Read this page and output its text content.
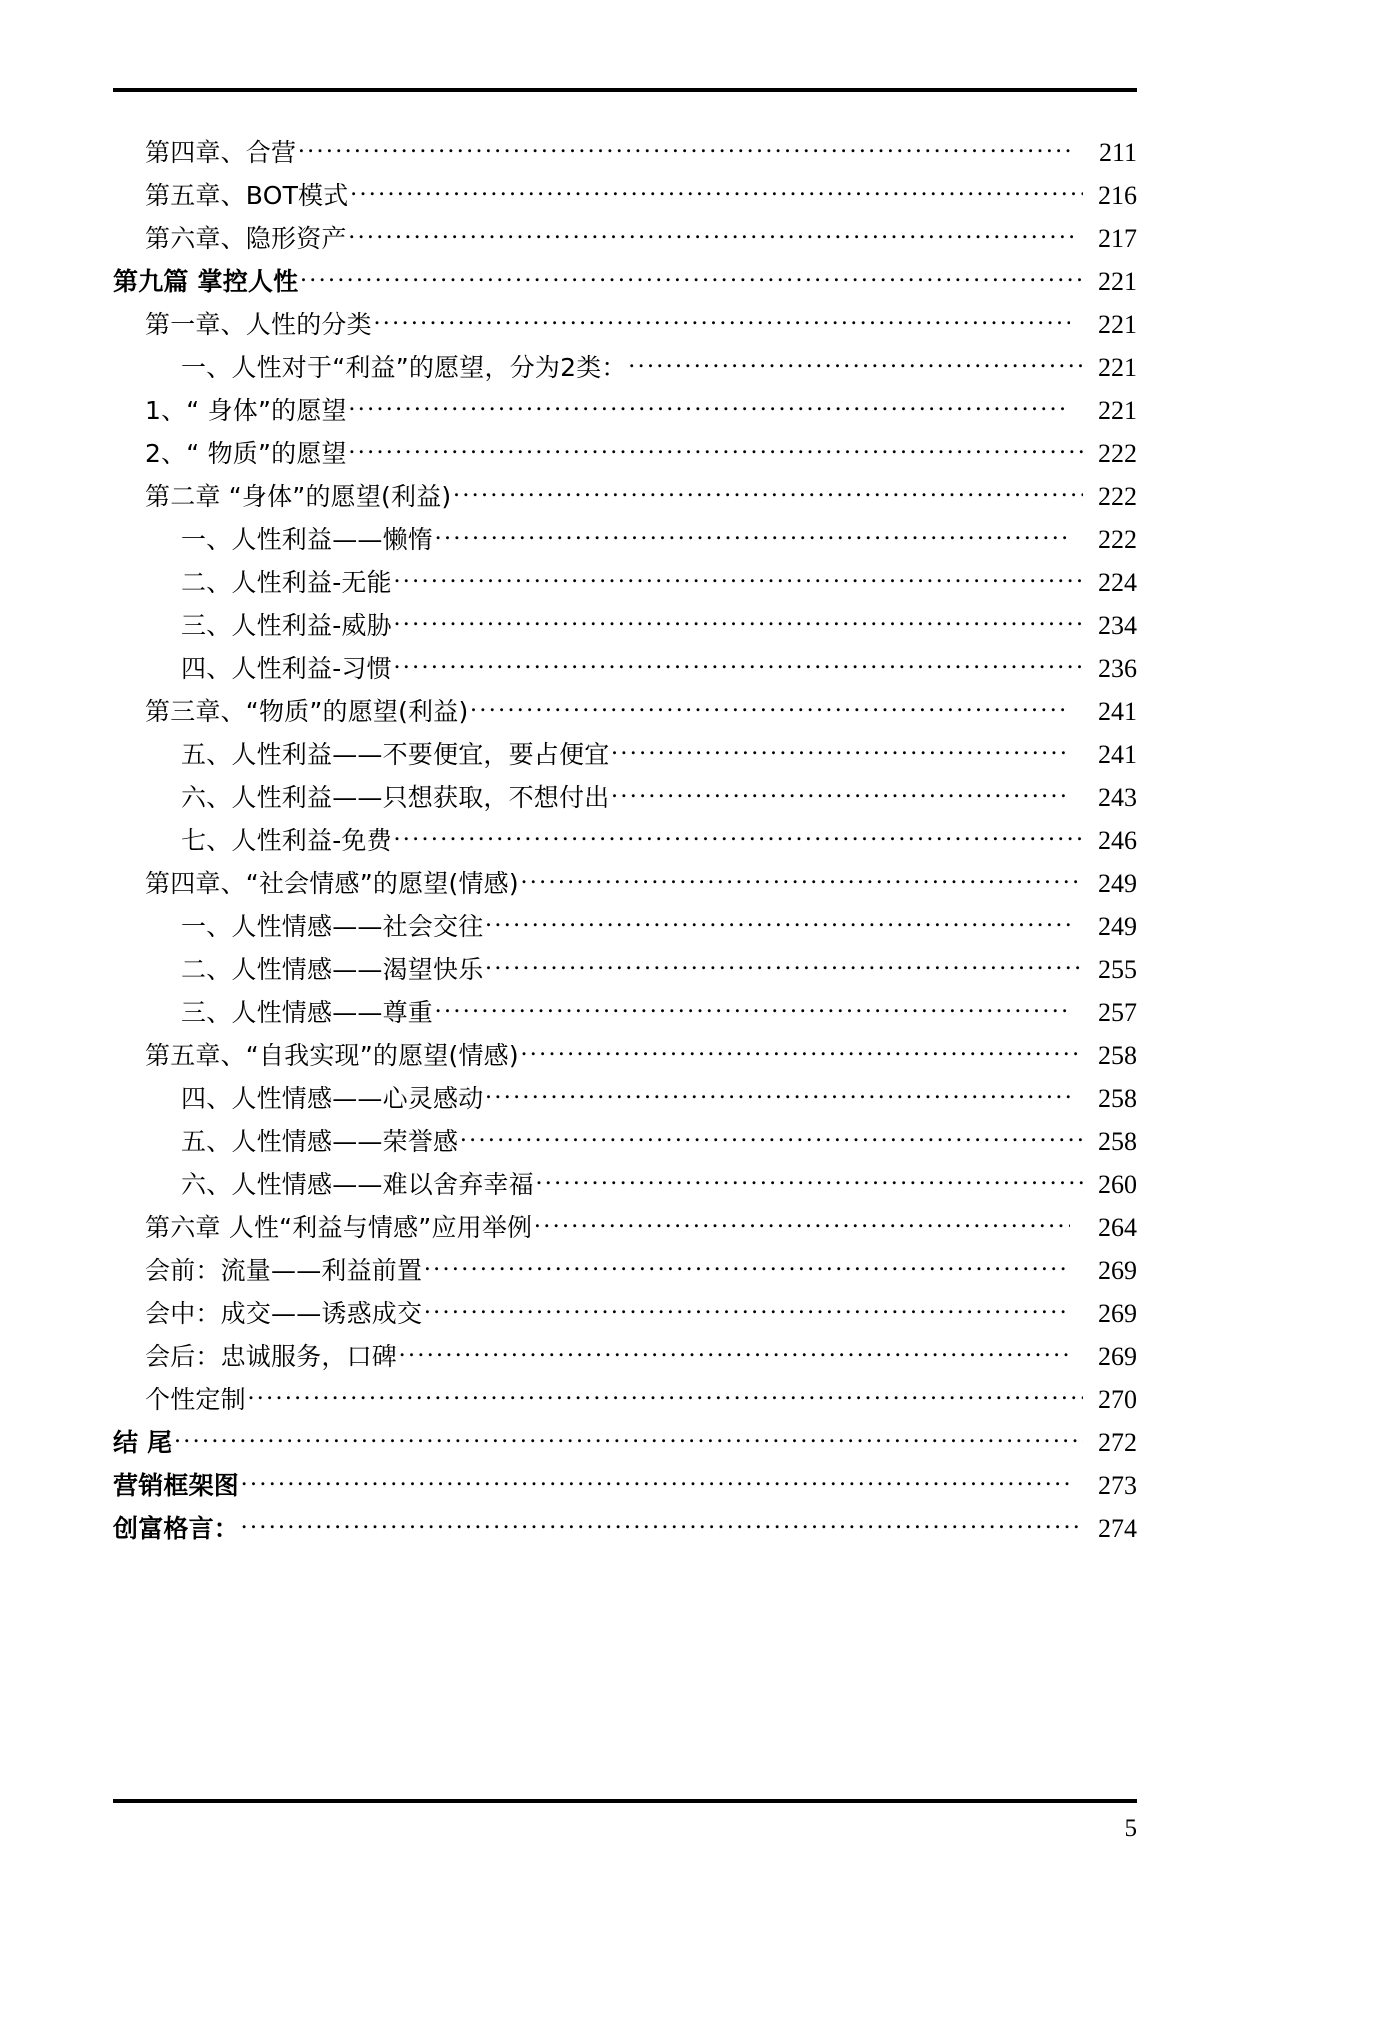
第四章、合营 .....	211
第五章、BOT模式 .....	216
第六章、隐形资产 .....	217
第九篇 掌控人性 .....	221
第一章、人性的分类 .....	221
一、人性对于“利益”的愿望，分为2类： .....	221
1、“ 身体”的愿望 .....	221
2、“ 物质”的愿望 .....	222
第二章 “身体”的愿望(利益) .....	222
一、人性利益——懒惰 .....	222
二、人性利益-无能 .....	224
三、人性利益-威胁 .....	234
四、人性利益-习惯 .....	236
第三章、“物质”的愿望(利益) .....	241
五、人性利益——不要便宜，要占便宜 .....	241
六、人性利益——只想获取，不想付出 .....	243
七、人性利益-免费 .....	246
第四章、“社会情感”的愿望(情感) .....	249
一、人性情感——社会交往 .....	249
二、人性情感——渴望快乐 .....	255
三、人性情感——尊重 .....	257
第五章、“自我实现”的愿望(情感) .....	258
四、人性情感——心灵感动 .....	258
五、人性情感——荣誉感 .....	258
六、人性情感——难以舍弃幸福 .....	260
第六章 人性“利益与情感”应用举例 .....	264
会前：流量——利益前置 .....	269
会中：成交——诱惑成交 .....	269
会后：忠诚服务，口碑 .....	269
个性定制 .....	270
结 尾 .....	272
营销框架图 .....	273
创富格言： .....	274
5
